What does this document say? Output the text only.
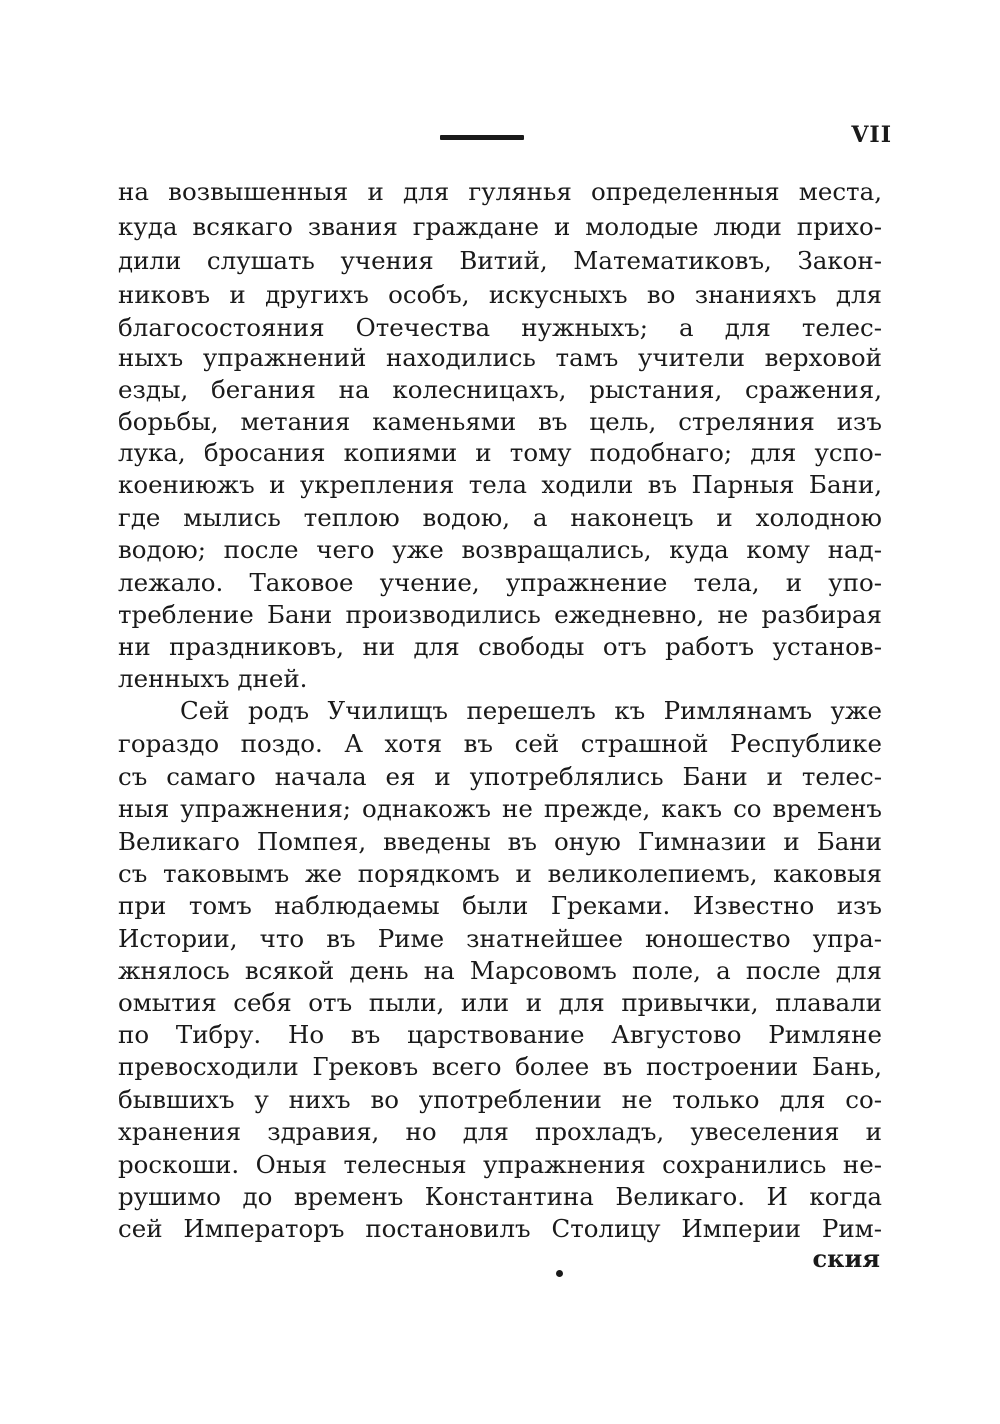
VII
на возвышенныя и для гулянья определенныя места,
куда всякаго звания граждане и молодые люди прихо-
дили слушать учения Витий, Математиковъ, Закон-
никовъ и другихъ особъ, искусныхъ во знанияхъ для
благосостояния Отечества нужныхъ; а для телес-
ныхъ упражнений находились тамъ учители верховой
езды, бегания на колесницахъ, рыстания, сражения,
борьбы, метания каменьями въ цель, стреляния изъ
лука, бросания копиями и тому подобнаго; для успо-
коениюжъ и укрепления тела ходили въ Парныя Бани,
где мылись теплою водою, а наконецъ и холодною
водою; после чего уже возвращались, куда кому над-
лежало. Таковое учение, упражнение тела, и упо-
требление Бани производились ежедневно, не разбирая
ни праздниковъ, ни для свободы отъ работъ установ-
ленныхъ дней.
Сей родъ Училищъ перешелъ къ Римлянамъ уже
гораздо поздо. А хотя въ сей страшной Республике
съ самаго начала ея и употреблялись Бани и телес-
ныя упражнения; однакожъ не прежде, какъ со временъ
Великаго Помпея, введены въ оную Гимназии и Бани
съ таковымъ же порядкомъ и великолепиемъ, каковыя
при томъ наблюдаемы были Греками. Известно изъ
Истории, что въ Риме знатнейшее юношество упра-
жнялось всякой день на Марсовомъ поле, а после для
омытия себя отъ пыли, или и для привычки, плавали
по Тибру. Но въ царствование Августово Римляне
превосходили Грековъ всего более въ построении Бань,
бывшихъ у нихъ во употреблении не только для со-
хранения здравия, но для прохладъ, увеселения и
роскоши. Оныя телесныя упражнения сохранились не-
рушимо до временъ Константина Великаго. И когда
сей Императоръ постановилъ Столицу Империи Рим-
ския
